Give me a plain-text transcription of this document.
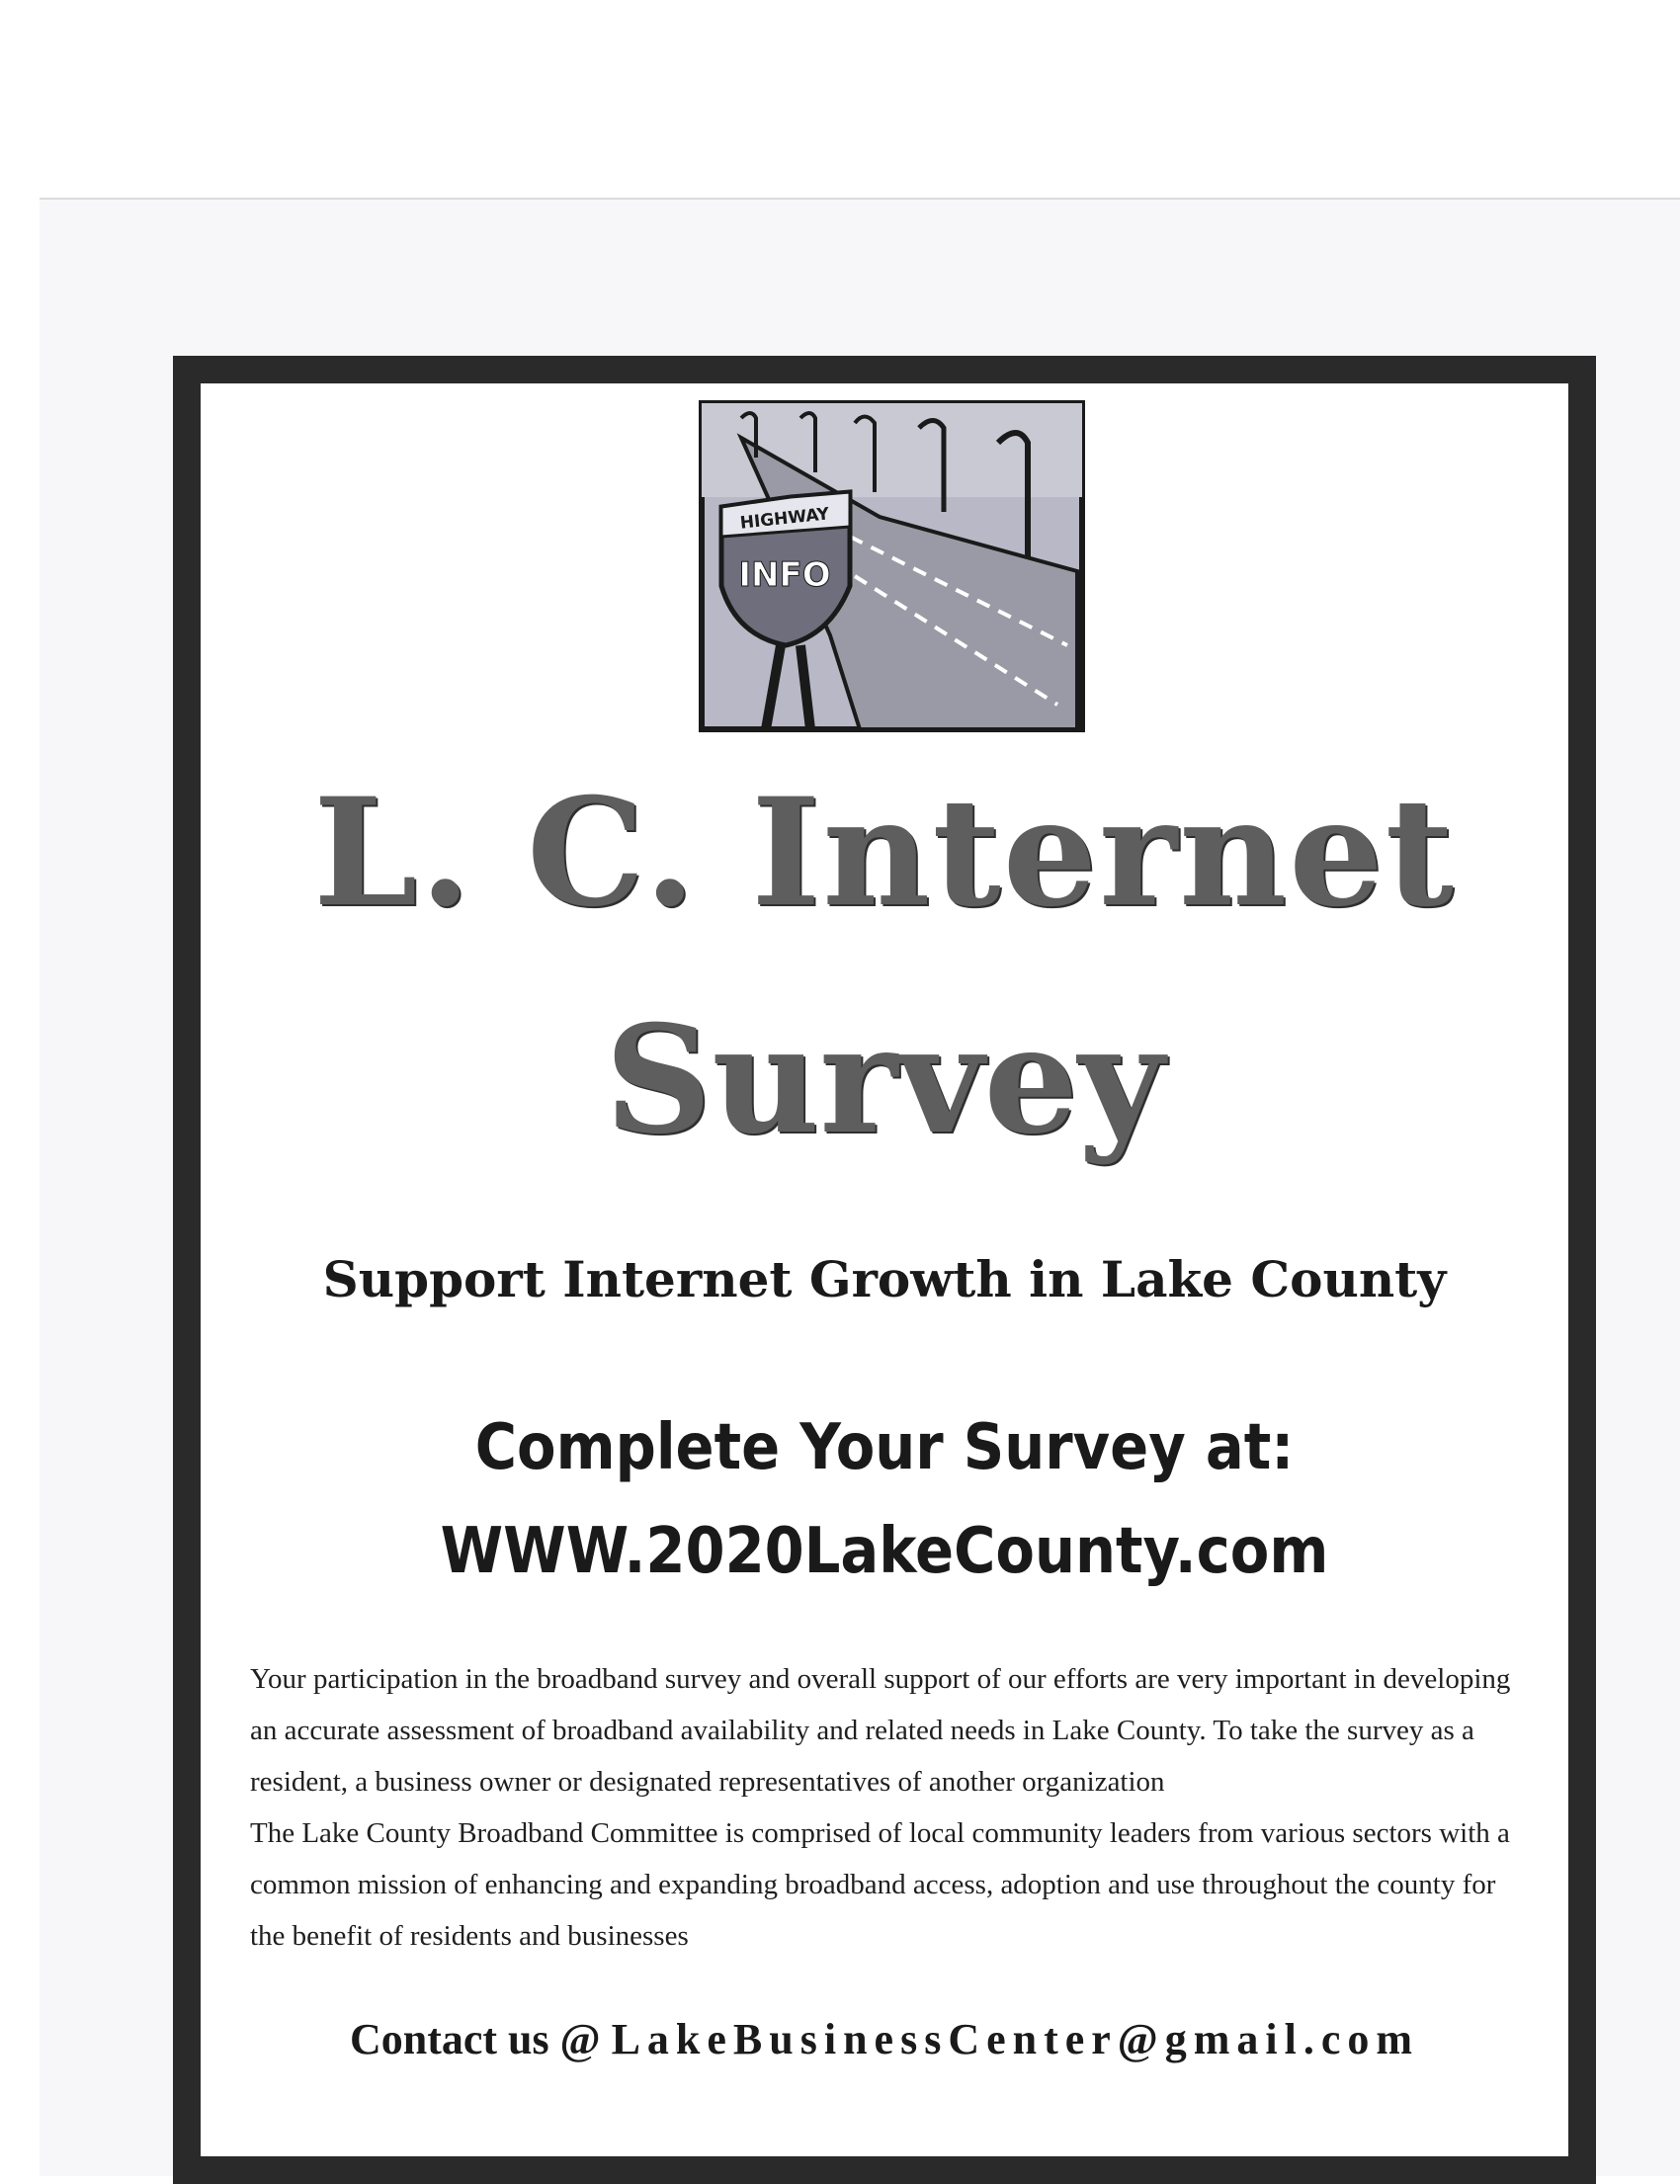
HIGHWAY
INFO
L. C. Internet
Survey
Support Internet Growth in Lake County
Complete Your Survey at:
WWW.2020LakeCounty.com

Your participation in the broadband survey and overall support of our efforts are very important in developing an accurate assessment of broadband availability and related needs in Lake County. To take the survey as a resident, a business owner or designated representatives of another organization

The Lake County Broadband Committee is comprised of local community leaders from various sectors with a common mission of enhancing and expanding broadband access, adoption and use throughout the county for the benefit of residents and businesses

Contact us @ LakeBusinessCenter@gmail.com
